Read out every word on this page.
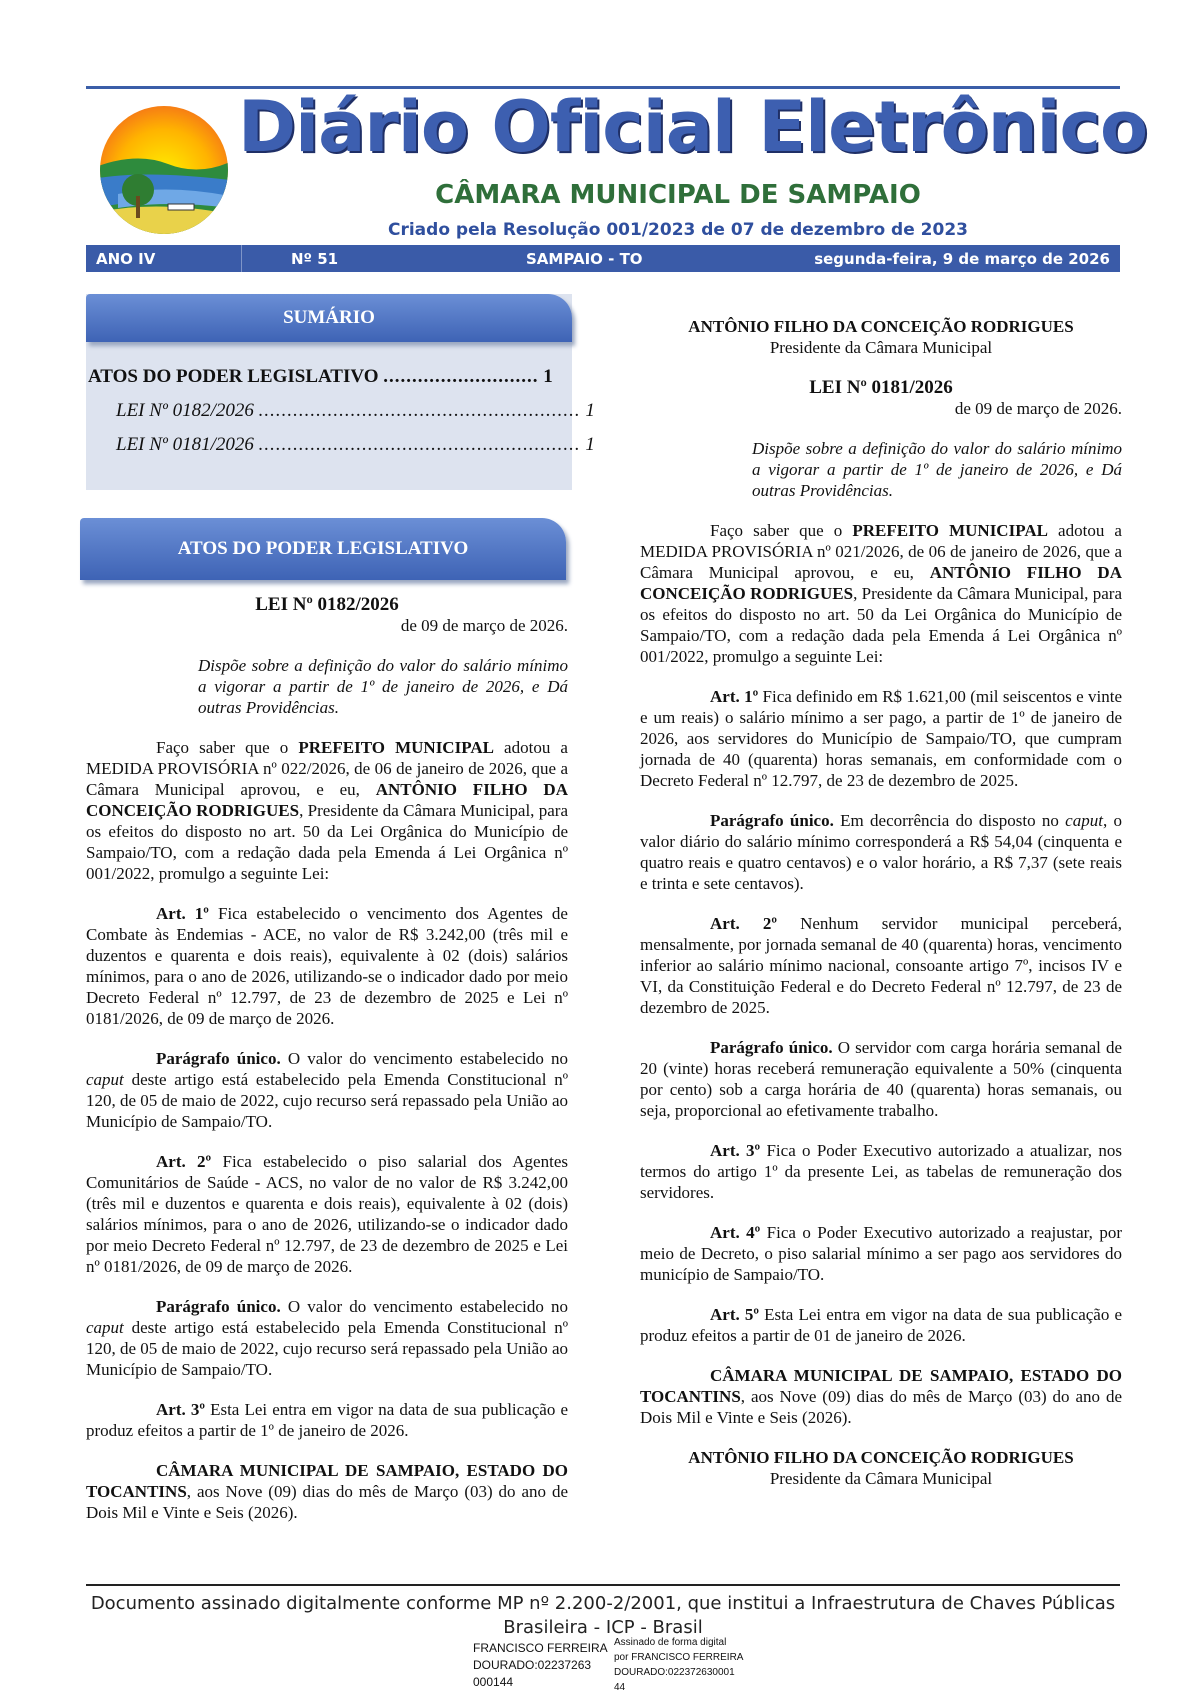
Diário Oficial Eletrônico
CÂMARA MUNICIPAL DE SAMPAIO
Criado pela Resolução 001/2023 de 07 de dezembro de 2023
ANO IV	Nº 51	SAMPAIO - TO	segunda-feira, 9 de março de 2026
SUMÁRIO
ATOS DO PODER LEGISLATIVO ........................... 1
LEI Nº 0182/2026 ........................................................ 1
LEI Nº 0181/2026 ........................................................ 1
ATOS DO PODER LEGISLATIVO

LEI Nº 0182/2026

de 09 de março de 2026.

Dispõe sobre a definição do valor do salário mínimo a vigorar a partir de 1º de janeiro de 2026, e Dá outras Providências.

Faço saber que o PREFEITO MUNICIPAL adotou a MEDIDA PROVISÓRIA nº 022/2026, de 06 de janeiro de 2026, que a Câmara Municipal aprovou, e eu, ANTÔNIO FILHO DA CONCEIÇÃO RODRIGUES, Presidente da Câmara Municipal, para os efeitos do disposto no art. 50 da Lei Orgânica do Município de Sampaio/TO, com a redação dada pela Emenda á Lei Orgânica nº 001/2022, promulgo a seguinte Lei:

Art. 1º Fica estabelecido o vencimento dos Agentes de Combate às Endemias - ACE, no valor de R$ 3.242,00 (três mil e duzentos e quarenta e dois reais), equivalente à 02 (dois) salários mínimos, para o ano de 2026, utilizando-se o indicador dado por meio Decreto Federal nº 12.797, de 23 de dezembro de 2025 e Lei nº 0181/2026, de 09 de março de 2026.

Parágrafo único. O valor do vencimento estabelecido no caput deste artigo está estabelecido pela Emenda Constitucional nº 120, de 05 de maio de 2022, cujo recurso será repassado pela União ao Município de Sampaio/TO.

Art. 2º Fica estabelecido o piso salarial dos Agentes Comunitários de Saúde - ACS, no valor de no valor de R$ 3.242,00 (três mil e duzentos e quarenta e dois reais), equivalente à 02 (dois) salários mínimos, para o ano de 2026, utilizando-se o indicador dado por meio Decreto Federal nº 12.797, de 23 de dezembro de 2025 e Lei nº 0181/2026, de 09 de março de 2026.

Parágrafo único. O valor do vencimento estabelecido no caput deste artigo está estabelecido pela Emenda Constitucional nº 120, de 05 de maio de 2022, cujo recurso será repassado pela União ao Município de Sampaio/TO.

Art. 3º Esta Lei entra em vigor na data de sua publicação e produz efeitos a partir de 1º de janeiro de 2026.

CÂMARA MUNICIPAL DE SAMPAIO, ESTADO DO TOCANTINS, aos Nove (09) dias do mês de Março (03) do ano de Dois Mil e Vinte e Seis (2026).

ANTÔNIO FILHO DA CONCEIÇÃO RODRIGUES

Presidente da Câmara Municipal

LEI Nº 0181/2026

de 09 de março de 2026.

Dispõe sobre a definição do valor do salário mínimo a vigorar a partir de 1º de janeiro de 2026, e Dá outras Providências.

Faço saber que o PREFEITO MUNICIPAL adotou a MEDIDA PROVISÓRIA nº 021/2026, de 06 de janeiro de 2026, que a Câmara Municipal aprovou, e eu, ANTÔNIO FILHO DA CONCEIÇÃO RODRIGUES, Presidente da Câmara Municipal, para os efeitos do disposto no art. 50 da Lei Orgânica do Município de Sampaio/TO, com a redação dada pela Emenda á Lei Orgânica nº 001/2022, promulgo a seguinte Lei:

Art. 1º Fica definido em R$ 1.621,00 (mil seiscentos e vinte e um reais) o salário mínimo a ser pago, a partir de 1º de janeiro de 2026, aos servidores do Município de Sampaio/TO, que cumpram jornada de 40 (quarenta) horas semanais, em conformidade com o Decreto Federal nº 12.797, de 23 de dezembro de 2025.

Parágrafo único. Em decorrência do disposto no caput, o valor diário do salário mínimo corresponderá a R$ 54,04 (cinquenta e quatro reais e quatro centavos) e o valor horário, a R$ 7,37 (sete reais e trinta e sete centavos).

Art. 2º Nenhum servidor municipal perceberá, mensalmente, por jornada semanal de 40 (quarenta) horas, vencimento inferior ao salário mínimo nacional, consoante artigo 7º, incisos IV e VI, da Constituição Federal e do Decreto Federal nº 12.797, de 23 de dezembro de 2025.

Parágrafo único. O servidor com carga horária semanal de 20 (vinte) horas receberá remuneração equivalente a 50% (cinquenta por cento) sob a carga horária de 40 (quarenta) horas semanais, ou seja, proporcional ao efetivamente trabalho.

Art. 3º Fica o Poder Executivo autorizado a atualizar, nos termos do artigo 1º da presente Lei, as tabelas de remuneração dos servidores.

Art. 4º Fica o Poder Executivo autorizado a reajustar, por meio de Decreto, o piso salarial mínimo a ser pago aos servidores do município de Sampaio/TO.

Art. 5º Esta Lei entra em vigor na data de sua publicação e produz efeitos a partir de 01 de janeiro de 2026.

CÂMARA MUNICIPAL DE SAMPAIO, ESTADO DO TOCANTINS, aos Nove (09) dias do mês de Março (03) do ano de Dois Mil e Vinte e Seis (2026).

ANTÔNIO FILHO DA CONCEIÇÃO RODRIGUES

Presidente da Câmara Municipal

Documento assinado digitalmente conforme MP nº 2.200-2/2001, que institui a Infraestrutura de Chaves Públicas
Brasileira - ICP - Brasil
FRANCISCO FERREIRA
DOURADO:02237263
000144
Assinado de forma digital
por FRANCISCO FERREIRA
DOURADO:022372630001
44
